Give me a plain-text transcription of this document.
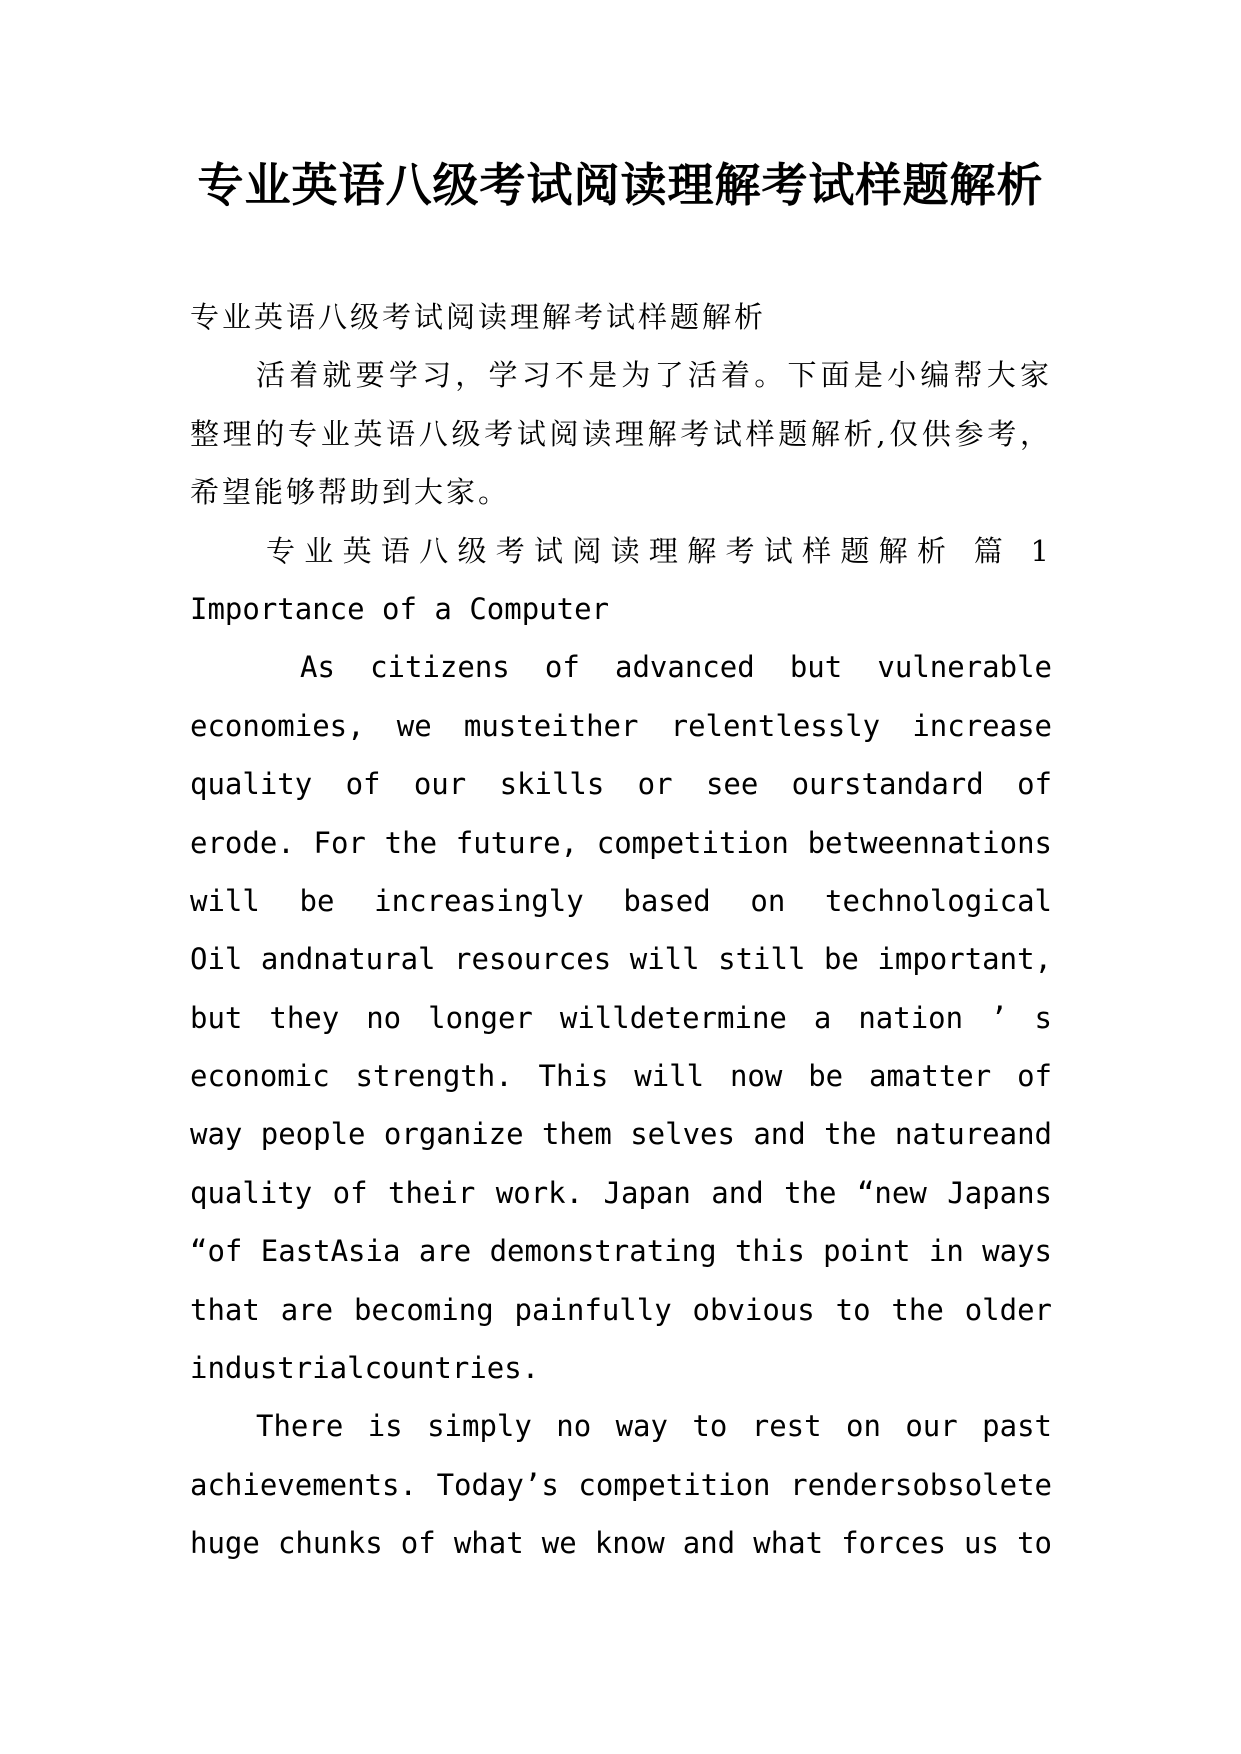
专业英语八级考试阅读理解考试样题解析
专业英语八级考试阅读理解考试样题解析
活着就要学习，学习不是为了活着。下面是小编帮大家
整理的专业英语八级考试阅读理解考试样题解析,仅供参考，
希望能够帮助到大家。
专业英语八级考试阅读理解考试样题解析 篇 1
Importance of a Computer
As citizens of advanced but vulnerable
economies, we musteither relentlessly increase
quality of our skills or see ourstandard of
erode. For the future, competition betweennations
will be increasingly based on technological
Oil andnatural resources will still be important,
but they no longer willdetermine a nation ’ s
economic strength. This will now be amatter of
way people organize them selves and the natureand
quality of their work. Japan and the “new Japans
“of EastAsia are demonstrating this point in ways
that are becoming painfully obvious to the older
industrialcountries.
There is simply no way to rest on our past
achievements. Today’s competition rendersobsolete
huge chunks of what we know and what forces us to
